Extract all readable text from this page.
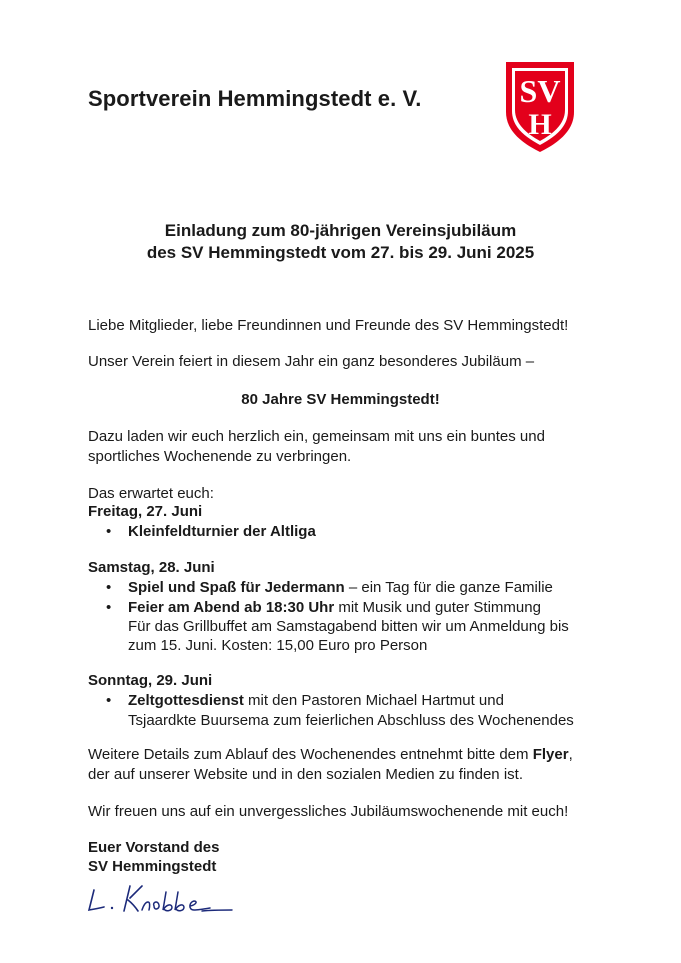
Sportverein Hemmingstedt e. V.	SV
H
Einladung zum 80-jährigen Vereinsjubiläum
des SV Hemmingstedt vom 27. bis 29. Juni 2025
Liebe Mitglieder, liebe Freundinnen und Freunde des SV Hemmingstedt!
Unser Verein feiert in diesem Jahr ein ganz besonderes Jubiläum –
80 Jahre SV Hemmingstedt!
Dazu laden wir euch herzlich ein, gemeinsam mit uns ein buntes und
sportliches Wochenende zu verbringen.
Das erwartet euch:
Freitag, 27. Juni
• Kleinfeldturnier der Altliga
Samstag, 28. Juni
• Spiel und Spaß für Jedermann – ein Tag für die ganze Familie
• Feier am Abend ab 18:30 Uhr mit Musik und guter Stimmung
Für das Grillbuffet am Samstagabend bitten wir um Anmeldung bis
zum 15. Juni. Kosten: 15,00 Euro pro Person
Sonntag, 29. Juni
• Zeltgottesdienst mit den Pastoren Michael Hartmut und
Tsjaardkte Buursema zum feierlichen Abschluss des Wochenendes
Weitere Details zum Ablauf des Wochenendes entnehmt bitte dem Flyer,
der auf unserer Website und in den sozialen Medien zu finden ist.
Wir freuen uns auf ein unvergessliches Jubiläumswochenende mit euch!
Euer Vorstand des
SV Hemmingstedt
